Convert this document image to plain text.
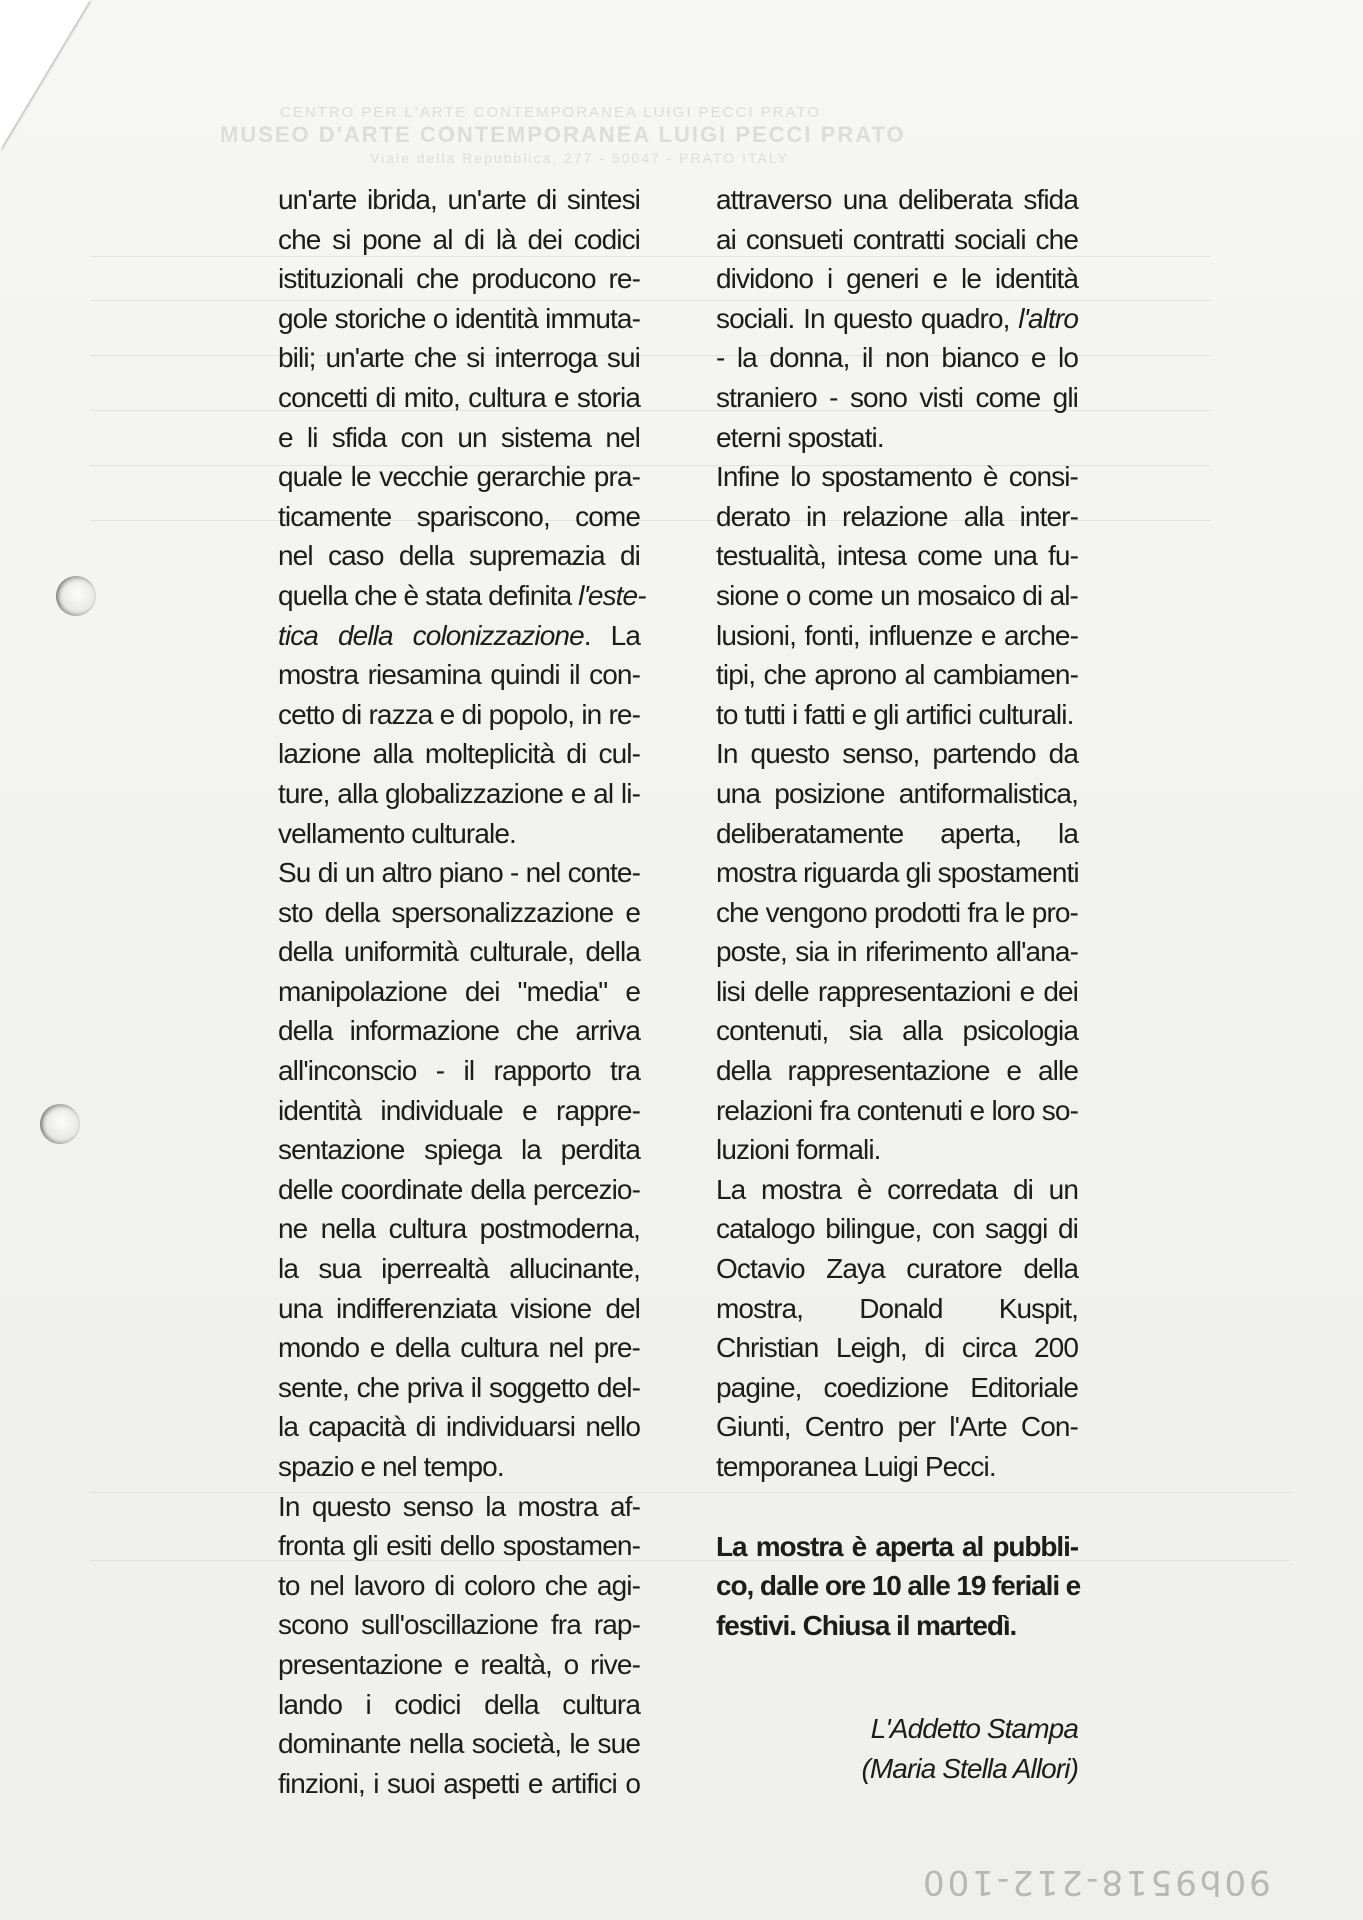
CENTRO PER L'ARTE CONTEMPORANEA LUIGI PECCI PRATO
MUSEO D'ARTE CONTEMPORANEA LUIGI PECCI PRATO
Viale della Repubblica, 277 - 50047 - PRATO ITALY
un'arte ibrida, un'arte di sintesi
che si pone al di là dei codici
istituzionali che producono re-
gole storiche o identità immuta-
bili; un'arte che si interroga sui
concetti di mito, cultura e storia
e li sfida con un sistema nel
quale le vecchie gerarchie pra-
ticamente spariscono, come
nel caso della supremazia di
quella che è stata definita l'este-
tica della colonizzazione. La
mostra riesamina quindi il con-
cetto di razza e di popolo, in re-
lazione alla molteplicità di cul-
ture, alla globalizzazione e al li-
vellamento culturale.
Su di un altro piano - nel conte-
sto della spersonalizzazione e
della uniformità culturale, della
manipolazione dei "media" e
della informazione che arriva
all'inconscio - il rapporto tra
identità individuale e rappre-
sentazione spiega la perdita
delle coordinate della percezio-
ne nella cultura postmoderna,
la sua iperrealtà allucinante,
una indifferenziata visione del
mondo e della cultura nel pre-
sente, che priva il soggetto del-
la capacità di individuarsi nello
spazio e nel tempo.
In questo senso la mostra af-
fronta gli esiti dello spostamen-
to nel lavoro di coloro che agi-
scono sull'oscillazione fra rap-
presentazione e realtà, o rive-
lando i codici della cultura
dominante nella società, le sue
finzioni, i suoi aspetti e artifici o
attraverso una deliberata sfida
ai consueti contratti sociali che
dividono i generi e le identità
sociali. In questo quadro, l'altro
- la donna, il non bianco e lo
straniero - sono visti come gli
eterni spostati.
Infine lo spostamento è consi-
derato in relazione alla inter-
testualità, intesa come una fu-
sione o come un mosaico di al-
lusioni, fonti, influenze e arche-
tipi, che aprono al cambiamen-
to tutti i fatti e gli artifici culturali.
In questo senso, partendo da
una posizione antiformalistica,
deliberatamente aperta, la
mostra riguarda gli spostamenti
che vengono prodotti fra le pro-
poste, sia in riferimento all'ana-
lisi delle rappresentazioni e dei
contenuti, sia alla psicologia
della rappresentazione e alle
relazioni fra contenuti e loro so-
luzioni formali.
La mostra è corredata di un
catalogo bilingue, con saggi di
Octavio Zaya curatore della
mostra, Donald Kuspit,
Christian Leigh, di circa 200
pagine, coedizione Editoriale
Giunti, Centro per l'Arte Con-
temporanea Luigi Pecci.
La mostra è aperta al pubbli-
co, dalle ore 10 alle 19 feriali e
festivi. Chiusa il martedì.
L'Addetto Stampa
(Maria Stella Allori)
90b9518-212-100
